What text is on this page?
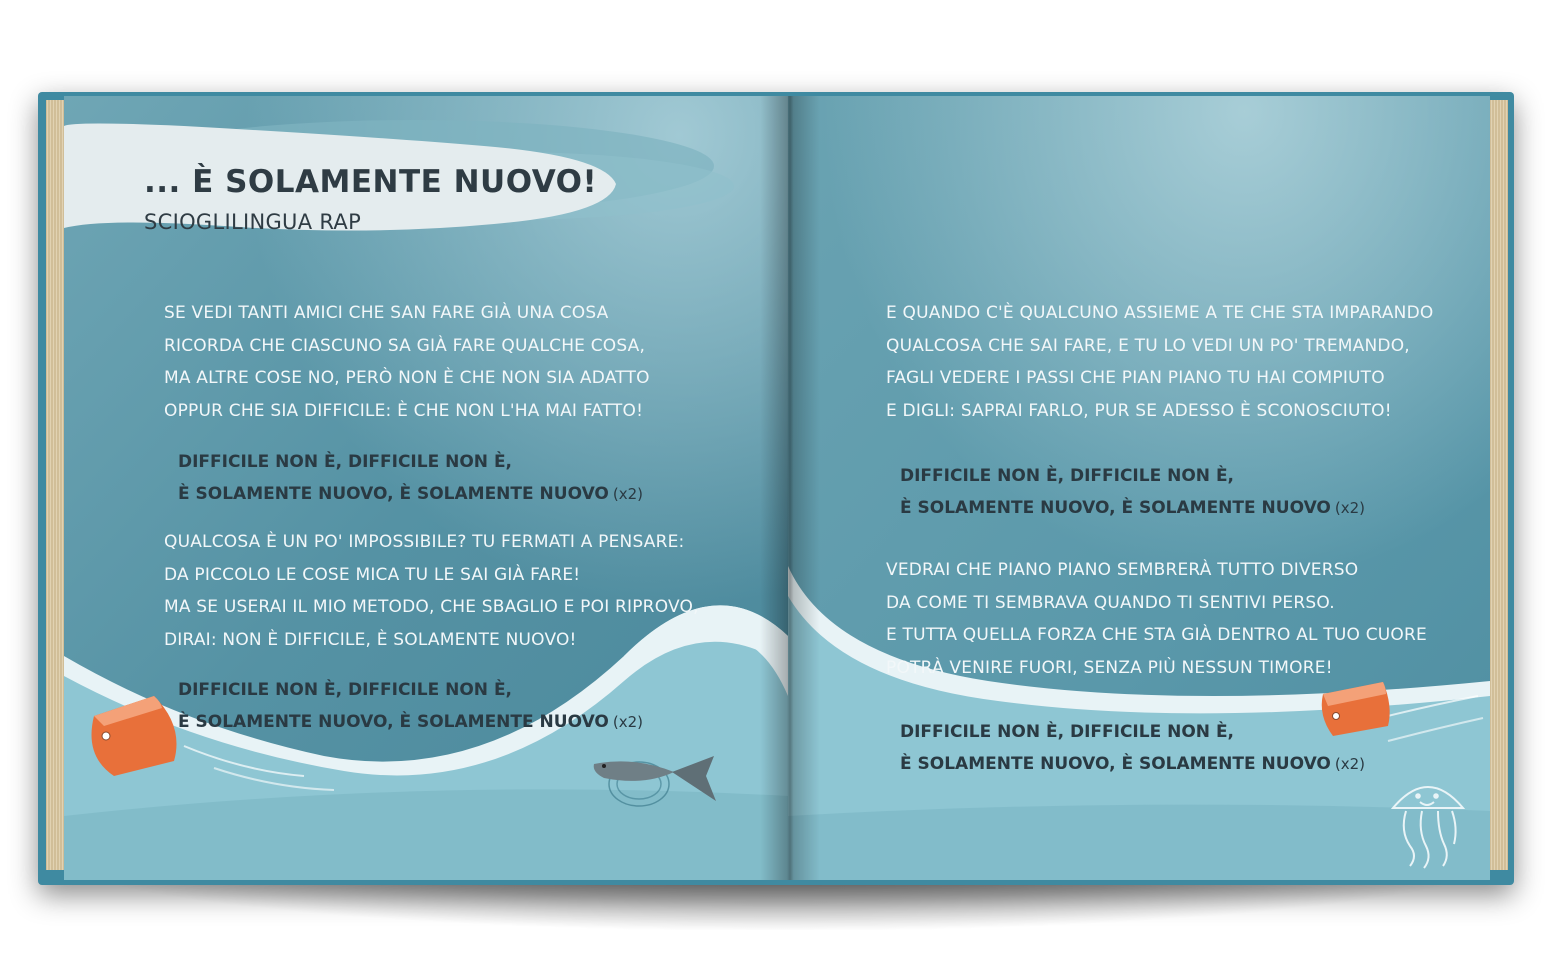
... È SOLAMENTE NUOVO!
SCIOGLILINGUA RAP
SE VEDI TANTI AMICI CHE SAN FARE GIÀ UNA COSA
RICORDA CHE CIASCUNO SA GIÀ FARE QUALCHE COSA,
MA ALTRE COSE NO, PERÒ NON È CHE NON SIA ADATTO
OPPUR CHE SIA DIFFICILE: È CHE NON L'HA MAI FATTO!
DIFFICILE NON È, DIFFICILE NON È,
È SOLAMENTE NUOVO, È SOLAMENTE NUOVO (x2)
QUALCOSA È UN PO' IMPOSSIBILE? TU FERMATI A PENSARE:
DA PICCOLO LE COSE MICA TU LE SAI GIÀ FARE!
MA SE USERAI IL MIO METODO, CHE SBAGLIO E POI RIPROVO,
DIRAI: NON È DIFFICILE, È SOLAMENTE NUOVO!
DIFFICILE NON È, DIFFICILE NON È,
È SOLAMENTE NUOVO, È SOLAMENTE NUOVO (x2)
E QUANDO C'È QUALCUNO ASSIEME A TE CHE STA IMPARANDO
QUALCOSA CHE SAI FARE, E TU LO VEDI UN PO' TREMANDO,
FAGLI VEDERE I PASSI CHE PIAN PIANO TU HAI COMPIUTO
E DIGLI: SAPRAI FARLO, PUR SE ADESSO È SCONOSCIUTO!
DIFFICILE NON È, DIFFICILE NON È,
È SOLAMENTE NUOVO, È SOLAMENTE NUOVO (x2)
VEDRAI CHE PIANO PIANO SEMBRERÀ TUTTO DIVERSO
DA COME TI SEMBRAVA QUANDO TI SENTIVI PERSO.
E TUTTA QUELLA FORZA CHE STA GIÀ DENTRO AL TUO CUORE
POTRÀ VENIRE FUORI, SENZA PIÙ NESSUN TIMORE!
DIFFICILE NON È, DIFFICILE NON È,
È SOLAMENTE NUOVO, È SOLAMENTE NUOVO (x2)
